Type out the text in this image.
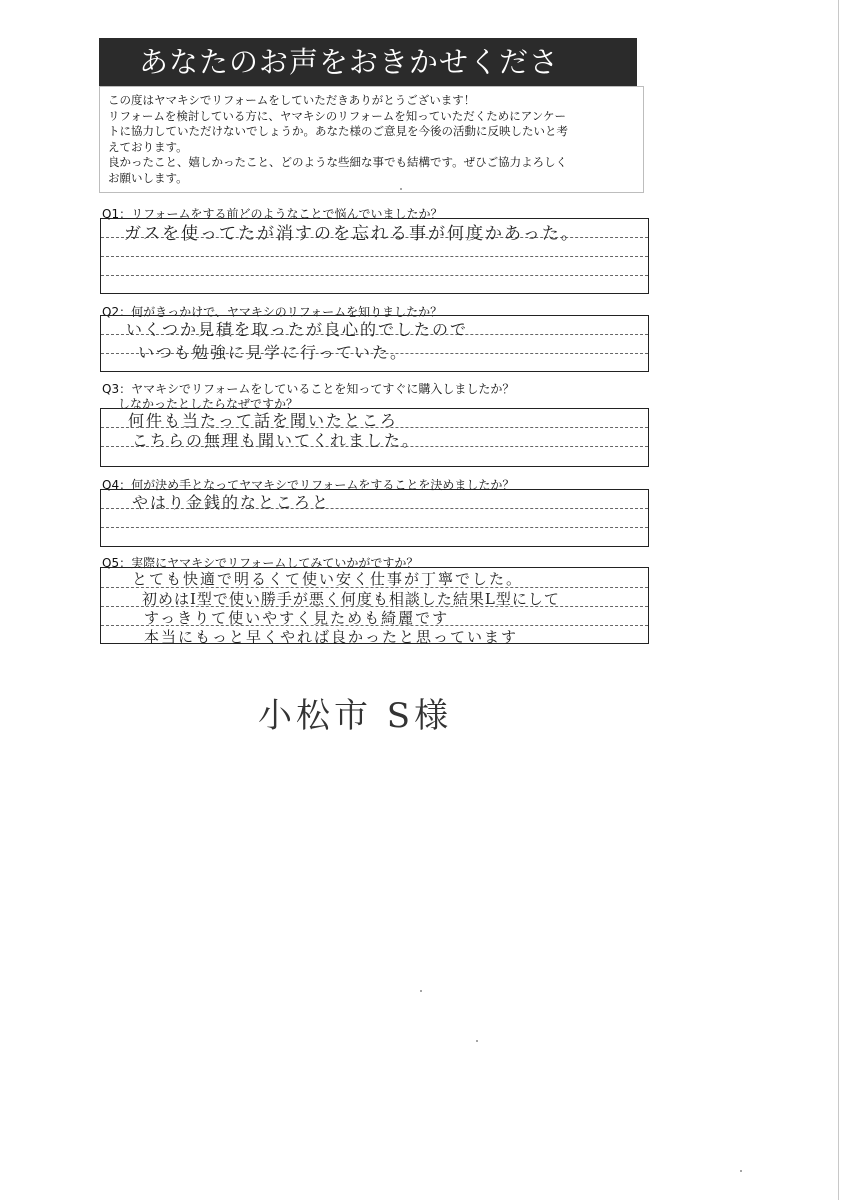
あなたのお声をおきかせくださ
この度はヤマキシでリフォームをしていただきありがとうございます！
リフォームを検討している方に、ヤマキシのリフォームを知っていただくためにアンケー
トに協力していただけないでしょうか。あなた様のご意見を今後の活動に反映したいと考
えております。
良かったこと、嬉しかったこと、どのような些細な事でも結構です。ぜひご協力よろしく
お願いします。
Q1：リフォームをする前どのようなことで悩んでいましたか？
ガスを使ってたが消すのを忘れる事が何度かあった。
Q2：何がきっかけで、ヤマキシのリフォームを知りましたか？
いくつか見積を取ったが良心的でしたので
いつも勉強に見学に行っていた。
Q3：ヤマキシでリフォームをしていることを知ってすぐに購入しましたか？
しなかったとしたらなぜですか？
何件も当たって話を聞いたところ
こちらの無理も聞いてくれました。
Q4：何が決め手となってヤマキシでリフォームをすることを決めましたか？
やはり金銭的なところと
Q5：実際にヤマキシでリフォームしてみていかがですか？
とても快適で明るくて使い安く仕事が丁寧でした。
初めはI型で使い勝手が悪く何度も相談した結果L型にして
すっきりて使いやすく見ためも綺麗です
本当にもっと早くやれば良かったと思っています
小松市 S様
